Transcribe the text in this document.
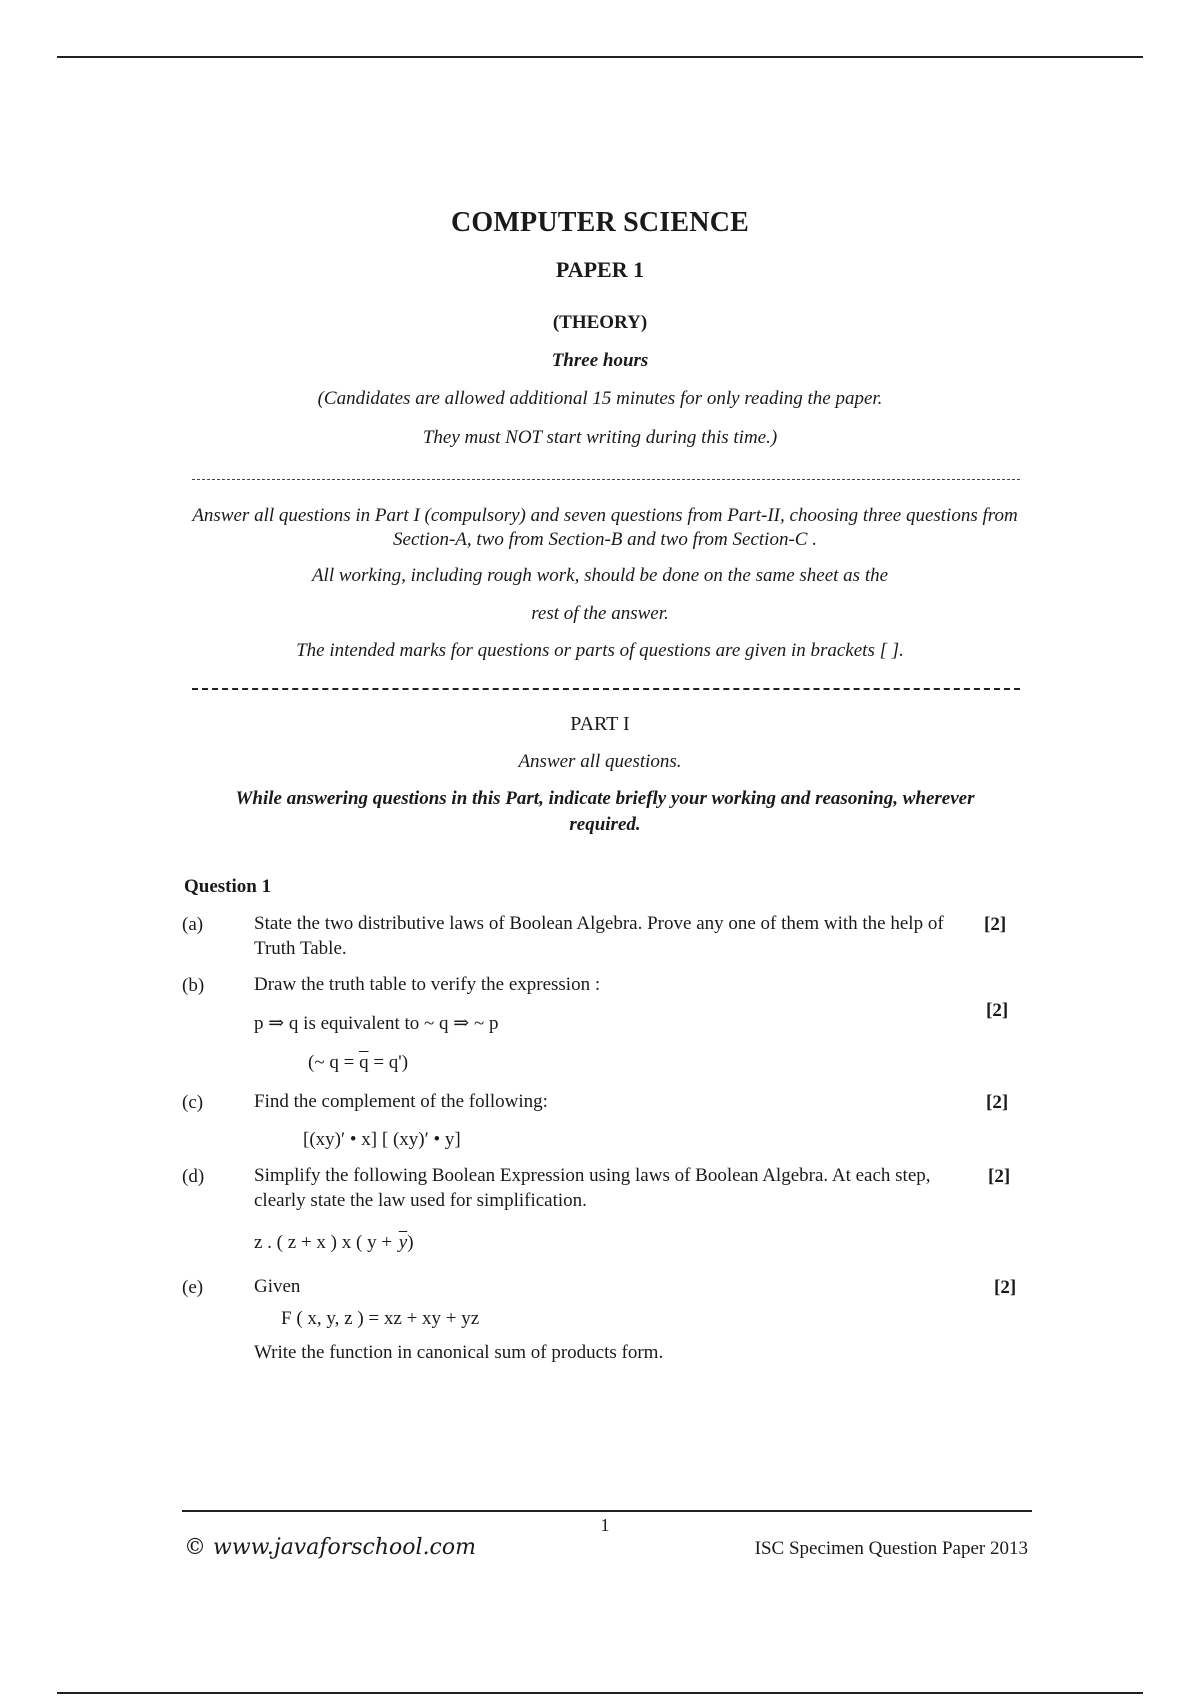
COMPUTER SCIENCE
PAPER 1
(THEORY)
Three hours
(Candidates are allowed additional 15 minutes for only reading the paper.
They must NOT start writing during this time.)
Answer all questions in Part I (compulsory) and seven questions from Part-II, choosing three questions from Section-A, two from Section-B and two from Section-C .
All working, including rough work, should be done on the same sheet as the
rest of the answer.
The intended marks for questions or parts of questions are given in brackets [ ].
PART I
Answer all questions.
While answering questions in this Part, indicate briefly your working and reasoning, wherever required.
Question 1
(a)	State the two distributive laws of Boolean Algebra. Prove any one of them with the help of Truth Table.
[2]
(b)	Draw the truth table to verify the expression :
[2]
p ⇒ q is equivalent to ~ q ⇒ ~ p
(~ $q = \overline{q} = q'$)
(c)	Find the complement of the following:	[2]
[(xy)′ • x] [ (xy)′ • y]
(d)	Simplify the following Boolean Expression using laws of Boolean Algebra. At each step, clearly state the law used for simplification.
[2]
z . ( z + x ) x ( $y + \overline{y}$)
(e)	Given	[2]
F ( x, y, z ) = xz + xy + yz
Write the function in canonical sum of products form.
1
© www.javaforschool.com	ISC Specimen Question Paper 2013
